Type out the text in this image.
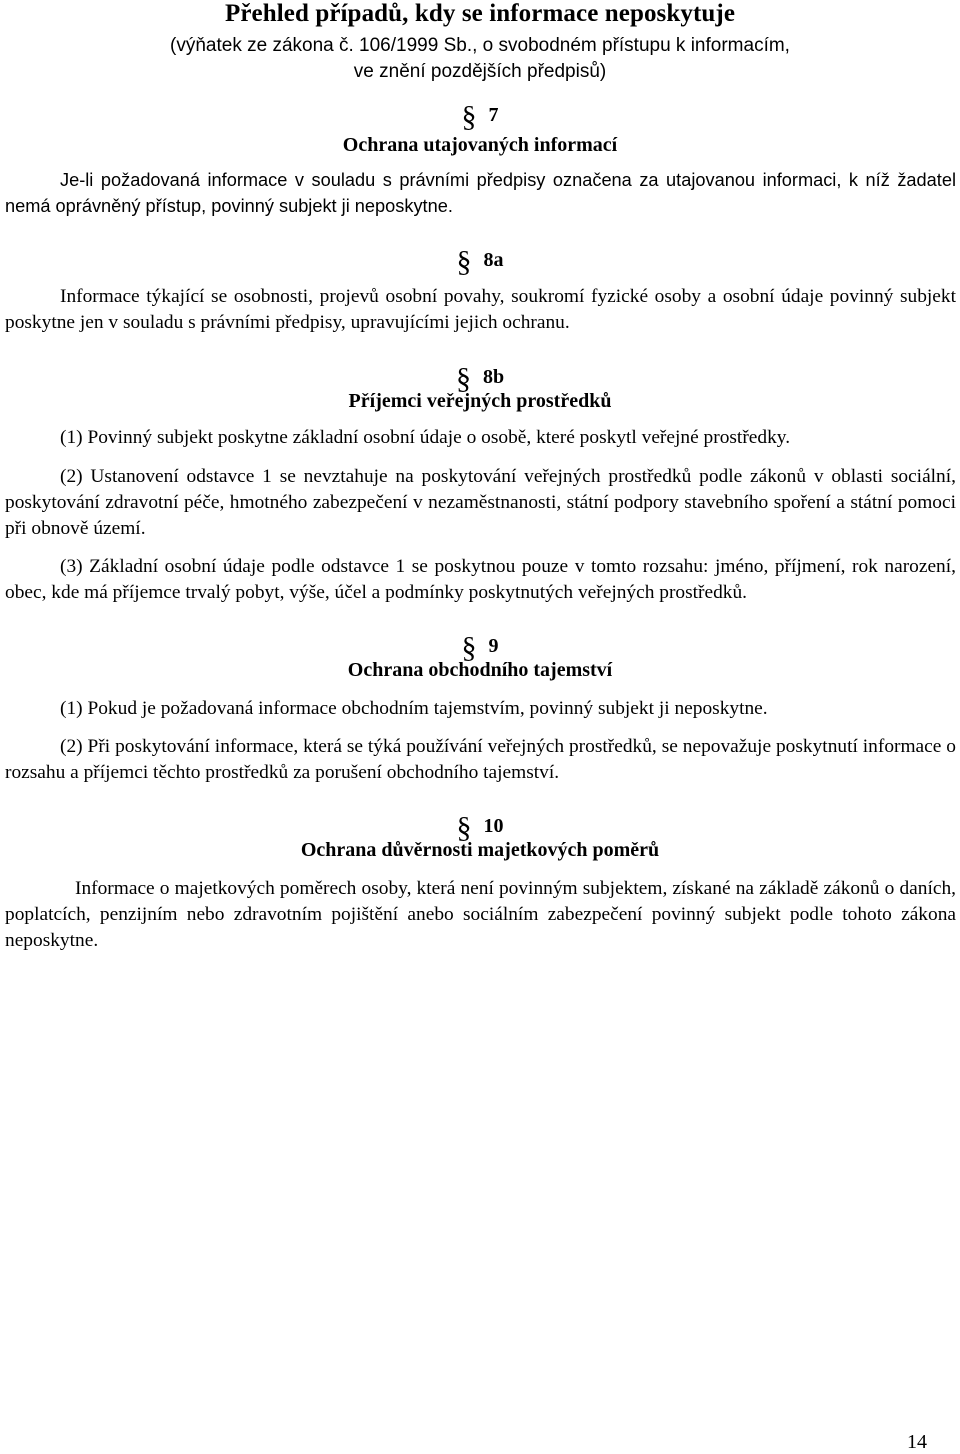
Přehled případů, kdy se informace neposkytuje
(výňatek ze zákona č. 106/1999 Sb., o svobodném přístupu k informacím,
ve znění pozdějších předpisů)
§ 7
Ochrana utajovaných informací
Je-li požadovaná informace v souladu s právními předpisy označena za utajovanou informaci, k níž žadatel nemá oprávněný přístup, povinný subjekt ji neposkytne.
§ 8a
Informace týkající se osobnosti, projevů osobní povahy, soukromí fyzické osoby a osobní údaje povinný subjekt poskytne jen v souladu s právními předpisy, upravujícími jejich ochranu.
§ 8b
Příjemci veřejných prostředků
(1) Povinný subjekt poskytne základní osobní údaje o osobě, které poskytl veřejné prostředky.
(2) Ustanovení odstavce 1 se nevztahuje na poskytování veřejných prostředků podle zákonů v oblasti sociální, poskytování zdravotní péče, hmotného zabezpečení v nezaměstnanosti, státní podpory stavebního spoření a státní pomoci při obnově území.
(3) Základní osobní údaje podle odstavce 1 se poskytnou pouze v tomto rozsahu: jméno, příjmení, rok narození, obec, kde má příjemce trvalý pobyt, výše, účel a podmínky poskytnutých veřejných prostředků.
§ 9
Ochrana obchodního tajemství
(1) Pokud je požadovaná informace obchodním tajemstvím, povinný subjekt ji neposkytne.
(2) Při poskytování informace, která se týká používání veřejných prostředků, se nepovažuje poskytnutí informace o rozsahu a příjemci těchto prostředků za porušení obchodního tajemství.
§ 10
Ochrana důvěrnosti majetkových poměrů
Informace o majetkových poměrech osoby, která není povinným subjektem, získané na základě zákonů o daních, poplatcích, penzijním nebo zdravotním pojištění anebo sociálním zabezpečení povinný subjekt podle tohoto zákona neposkytne.
14
